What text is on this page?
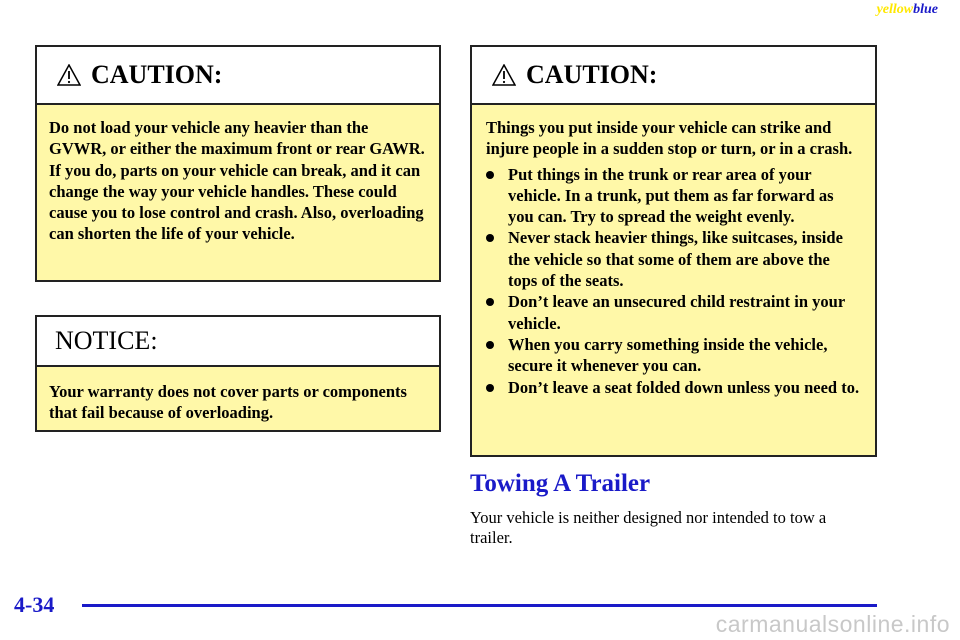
yellowblue
CAUTION:
Do not load your vehicle any heavier than the GVWR, or either the maximum front or rear GAWR. If you do, parts on your vehicle can break, and it can change the way your vehicle handles. These could cause you to lose control and crash. Also, overloading can shorten the life of your vehicle.
NOTICE:
Your warranty does not cover parts or components that fail because of overloading.
CAUTION:
Things you put inside your vehicle can strike and injure people in a sudden stop or turn, or in a crash.
Put things in the trunk or rear area of your vehicle. In a trunk, put them as far forward as you can. Try to spread the weight evenly.
Never stack heavier things, like suitcases, inside the vehicle so that some of them are above the tops of the seats.
Don’t leave an unsecured child restraint in your vehicle.
When you carry something inside the vehicle, secure it whenever you can.
Don’t leave a seat folded down unless you need to.
Towing A Trailer
Your vehicle is neither designed nor intended to tow a trailer.
4-34
carmanualsonline.info
